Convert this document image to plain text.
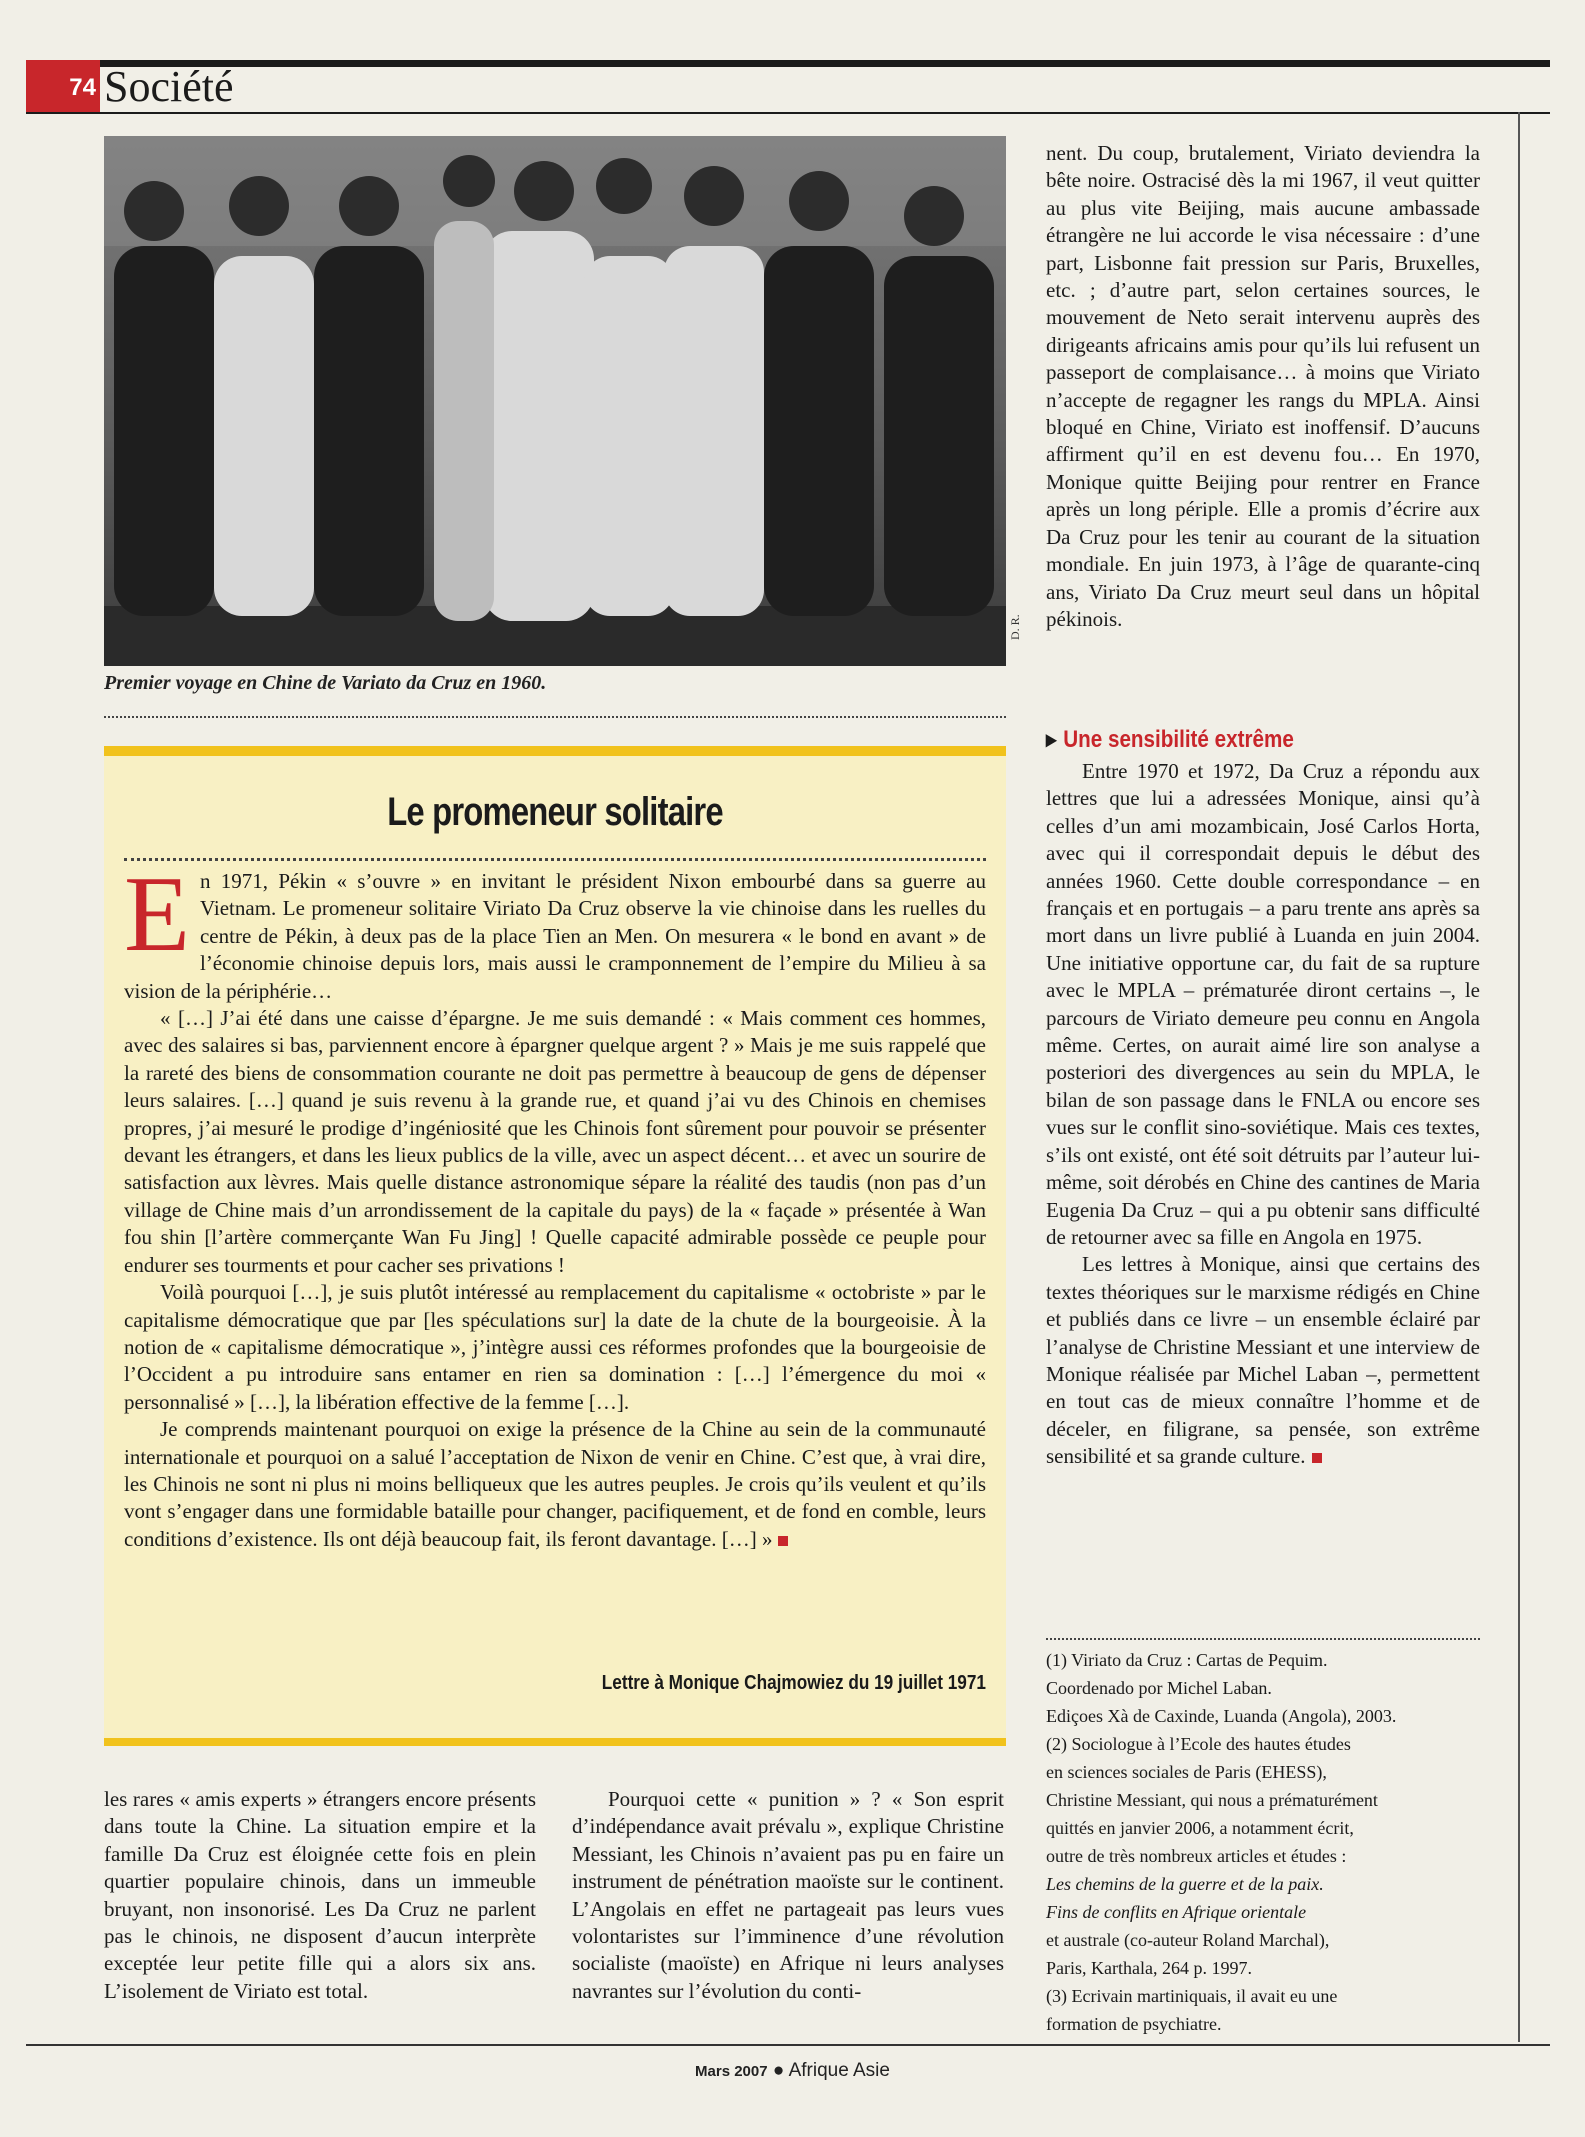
74 Société
D. R.
Premier voyage en Chine de Variato da Cruz en 1960.
Le promeneur solitaire

En 1971, Pékin « s’ouvre » en invitant le président Nixon embourbé dans sa guerre au Vietnam. Le promeneur solitaire Viriato Da Cruz observe la vie chinoise dans les ruelles du centre de Pékin, à deux pas de la place Tien an Men. On mesurera « le bond en avant » de l’économie chinoise depuis lors, mais aussi le cramponnement de l’empire du Milieu à sa vision de la périphérie…

« […] J’ai été dans une caisse d’épargne. Je me suis demandé : « Mais comment ces hommes, avec des salaires si bas, parviennent encore à épargner quelque argent ? » Mais je me suis rappelé que la rareté des biens de consommation courante ne doit pas permettre à beaucoup de gens de dépenser leurs salaires. […] quand je suis revenu à la grande rue, et quand j’ai vu des Chinois en chemises propres, j’ai mesuré le prodige d’ingéniosité que les Chinois font sûrement pour pouvoir se présenter devant les étrangers, et dans les lieux publics de la ville, avec un aspect décent… et avec un sourire de satisfaction aux lèvres. Mais quelle distance astronomique sépare la réalité des taudis (non pas d’un village de Chine mais d’un arrondissement de la capitale du pays) de la « façade » présentée à Wan fou shin [l’artère commerçante Wan Fu Jing] ! Quelle capacité admirable possède ce peuple pour endurer ses tourments et pour cacher ses privations !

Voilà pourquoi […], je suis plutôt intéressé au remplacement du capitalisme « octobriste » par le capitalisme démocratique que par [les spéculations sur] la date de la chute de la bourgeoisie. À la notion de « capitalisme démocratique », j’intègre aussi ces réformes profondes que la bourgeoisie de l’Occident a pu introduire sans entamer en rien sa domination : […] l’émergence du moi « personnalisé » […], la libération effective de la femme […].

Je comprends maintenant pourquoi on exige la présence de la Chine au sein de la communauté internationale et pourquoi on a salué l’acceptation de Nixon de venir en Chine. C’est que, à vrai dire, les Chinois ne sont ni plus ni moins belliqueux que les autres peuples. Je crois qu’ils veulent et qu’ils vont s’engager dans une formidable bataille pour changer, pacifiquement, et de fond en comble, leurs conditions d’existence. Ils ont déjà beaucoup fait, ils feront davantage. […] »

Lettre à Monique Chajmowiez du 19 juillet 1971

les rares « amis experts » étrangers encore présents dans toute la Chine. La situation empire et la famille Da Cruz est éloignée cette fois en plein quartier populaire chinois, dans un immeuble bruyant, non insonorisé. Les Da Cruz ne parlent pas le chinois, ne disposent d’aucun interprète exceptée leur petite fille qui a alors six ans. L’isolement de Viriato est total.

Pourquoi cette « punition » ? « Son esprit d’indépendance avait prévalu », explique Christine Messiant, les Chinois n’avaient pas pu en faire un instrument de pénétration maoïste sur le continent. L’Angolais en effet ne partageait pas leurs vues volontaristes sur l’imminence d’une révolution socialiste (maoïste) en Afrique ni leurs analyses navrantes sur l’évolution du conti-

nent. Du coup, brutalement, Viriato deviendra la bête noire. Ostracisé dès la mi 1967, il veut quitter au plus vite Beijing, mais aucune ambassade étrangère ne lui accorde le visa nécessaire : d’une part, Lisbonne fait pression sur Paris, Bruxelles, etc. ; d’autre part, selon certaines sources, le mouvement de Neto serait intervenu auprès des dirigeants africains amis pour qu’ils lui refusent un passeport de complaisance… à moins que Viriato n’accepte de regagner les rangs du MPLA. Ainsi bloqué en Chine, Viriato est inoffensif. D’aucuns affirment qu’il en est devenu fou… En 1970, Monique quitte Beijing pour rentrer en France après un long périple. Elle a promis d’écrire aux Da Cruz pour les tenir au courant de la situation mondiale. En juin 1973, à l’âge de quarante-cinq ans, Viriato Da Cruz meurt seul dans un hôpital pékinois.

▸ Une sensibilité extrême

Entre 1970 et 1972, Da Cruz a répondu aux lettres que lui a adressées Monique, ainsi qu’à celles d’un ami mozambicain, José Carlos Horta, avec qui il correspondait depuis le début des années 1960. Cette double correspondance – en français et en portugais – a paru trente ans après sa mort dans un livre publié à Luanda en juin 2004. Une initiative opportune car, du fait de sa rupture avec le MPLA – prématurée diront certains –, le parcours de Viriato demeure peu connu en Angola même. Certes, on aurait aimé lire son analyse a posteriori des divergences au sein du MPLA, le bilan de son passage dans le FNLA ou encore ses vues sur le conflit sino-soviétique. Mais ces textes, s’ils ont existé, ont été soit détruits par l’auteur lui-même, soit dérobés en Chine des cantines de Maria Eugenia Da Cruz – qui a pu obtenir sans difficulté de retourner avec sa fille en Angola en 1975.

Les lettres à Monique, ainsi que certains des textes théoriques sur le marxisme rédigés en Chine et publiés dans ce livre – un ensemble éclairé par l’analyse de Christine Messiant et une interview de Monique réalisée par Michel Laban –, permettent en tout cas de mieux connaître l’homme et de déceler, en filigrane, sa pensée, son extrême sensibilité et sa grande culture.

(1) Viriato da Cruz : Cartas de Pequim.
Coordenado por Michel Laban.
Ediçoes Xà de Caxinde, Luanda (Angola), 2003.
(2) Sociologue à l’Ecole des hautes études
en sciences sociales de Paris (EHESS),
Christine Messiant, qui nous a prématurément
quittés en janvier 2006, a notamment écrit,
outre de très nombreux articles et études :
Les chemins de la guerre et de la paix.
Fins de conflits en Afrique orientale
et australe (co-auteur Roland Marchal),
Paris, Karthala, 264 p. 1997.
(3) Ecrivain martiniquais, il avait eu une
formation de psychiatre.
Mars 2007 ● Afrique Asie
